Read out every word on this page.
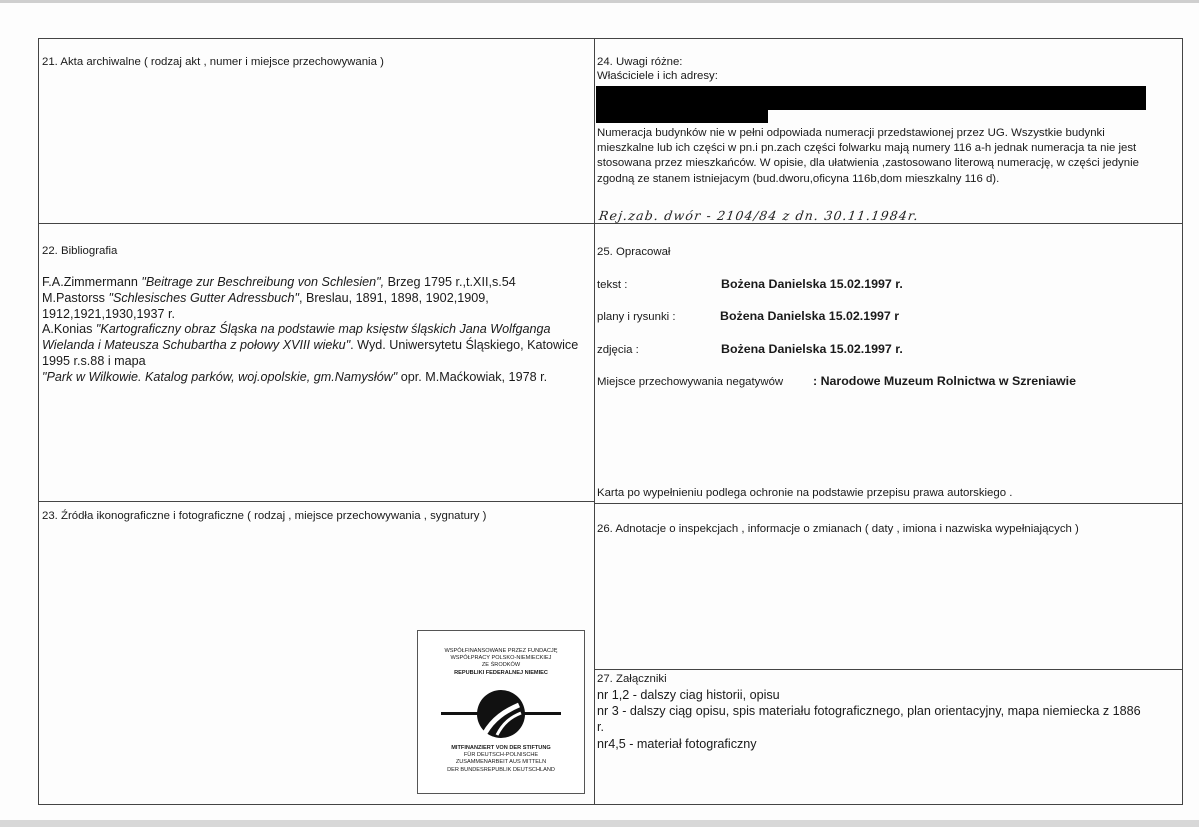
21. Akta archiwalne ( rodzaj akt , numer i miejsce przechowywania )
22. Bibliografia
F.A.Zimmermann "Beitrage zur Beschreibung von Schlesien", Brzeg 1795 r.,t.XII,s.54
M.Pastorss "Schlesisches Gutter Adressbuch", Breslau, 1891, 1898, 1902,1909, 1912,1921,1930,1937 r.
A.Konias "Kartograficzny obraz Śląska na podstawie map księstw śląskich Jana Wolfganga Wielanda i Mateusza Schubartha z połowy XVIII wieku". Wyd. Uniwersytetu Śląskiego, Katowice 1995 r.s.88 i mapa
"Park w Wilkowie. Katalog parków, woj.opolskie, gm.Namysłów" opr. M.Maćkowiak, 1978 r.
23. Źródła ikonograficzne i fotograficzne ( rodzaj , miejsce przechowywania , sygnatury )
WSPÓŁFINANSOWANE PRZEZ FUNDACJĘ
WSPÓŁPRACY POLSKO-NIEMIECKIEJ
ZE ŚRODKÓW
REPUBLIKI FEDERALNEJ NIEMIEC
MITFINANZIERT VON DER STIFTUNG
FÜR DEUTSCH-POLNISCHE
ZUSAMMENARBEIT AUS MITTELN
DER BUNDESREPUBLIK DEUTSCHLAND
24. Uwagi różne:
Właściciele i ich adresy:
Numeracja budynków nie w pełni odpowiada numeracji przedstawionej przez UG. Wszystkie budynki mieszkalne lub ich części w pn.i pn.zach części folwarku mają numery 116 a-h jednak numeracja ta nie jest stosowana przez mieszkańców. W opisie, dla ułatwienia ,zastosowano literową numerację, w części jedynie zgodną ze stanem istniejacym (bud.dworu,oficyna 116b,dom mieszkalny 116 d).
Rej.zab. dwór - 2104/84 z dn. 30.11.1984r.
25. Opracował
tekst :	Bożena Danielska 15.02.1997 r.
plany i rysunki :	Bożena Danielska 15.02.1997 r
zdjęcia :	Bożena Danielska 15.02.1997 r.
Miejsce przechowywania negatywów : Narodowe Muzeum Rolnictwa w Szreniawie
Karta po wypełnieniu podlega ochronie na podstawie przepisu prawa autorskiego .
26. Adnotacje o inspekcjach , informacje o zmianach ( daty , imiona i nazwiska wypełniających )
27. Załączniki
nr 1,2 - dalszy ciag historii, opisu
nr 3 - dalszy ciąg opisu, spis materiału fotograficznego, plan orientacyjny, mapa niemiecka z 1886 r.
nr4,5 - materiał fotograficzny
